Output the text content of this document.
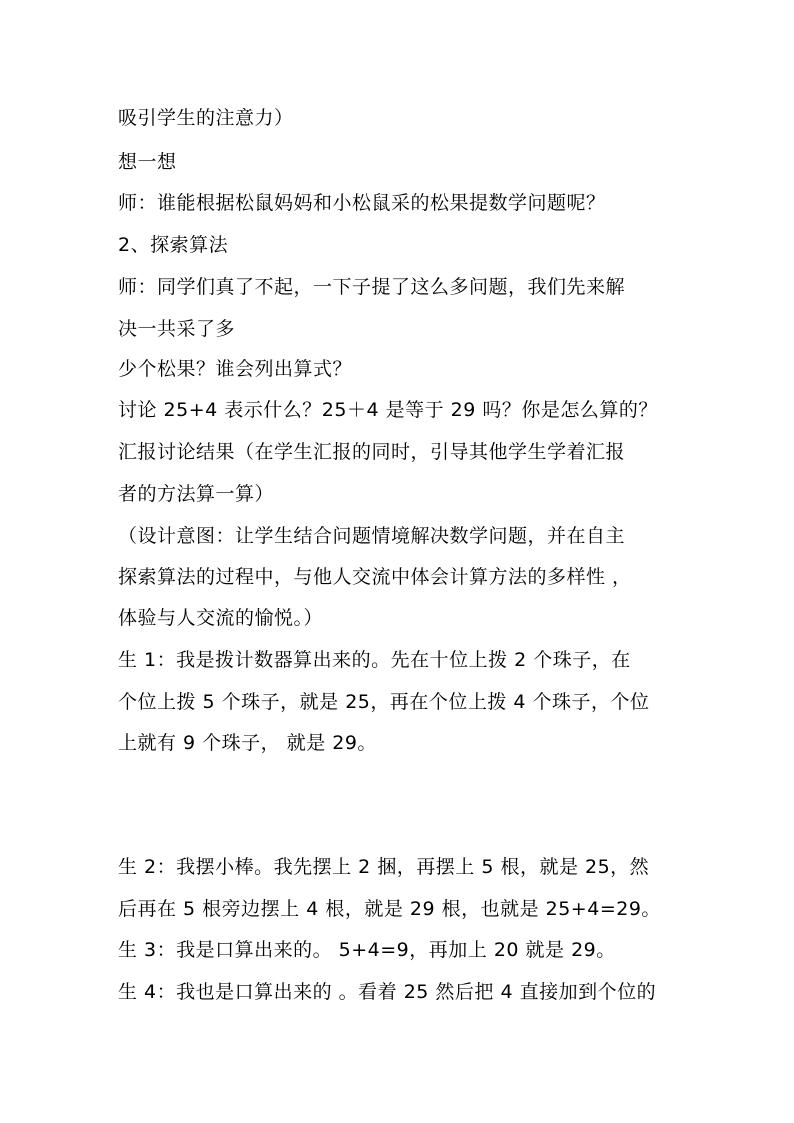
吸引学生的注意力）
想一想
师：谁能根据松鼠妈妈和小松鼠采的松果提数学问题呢？
2、探索算法
师：同学们真了不起，一下子提了这么多问题，我们先来解
决一共采了多
少个松果？谁会列出算式？
讨论 25+4 表示什么？25＋4 是等于 29 吗？你是怎么算的？
汇报讨论结果（在学生汇报的同时，引导其他学生学着汇报
者的方法算一算）
（设计意图：让学生结合问题情境解决数学问题，并在自主
探索算法的过程中，与他人交流中体会计算方法的多样性 ，
体验与人交流的愉悦。）
生 1：我是拨计数器算出来的。先在十位上拨 2 个珠子，在
个位上拨 5 个珠子，就是 25，再在个位上拨 4 个珠子，个位
上就有 9 个珠子， 就是 29。
生 2：我摆小棒。我先摆上 2 捆，再摆上 5 根，就是 25，然
后再在 5 根旁边摆上 4 根，就是 29 根，也就是 25+4=29。
生 3：我是口算出来的。 5+4=9，再加上 20 就是 29。
生 4：我也是口算出来的 。看着 25 然后把 4 直接加到个位的
